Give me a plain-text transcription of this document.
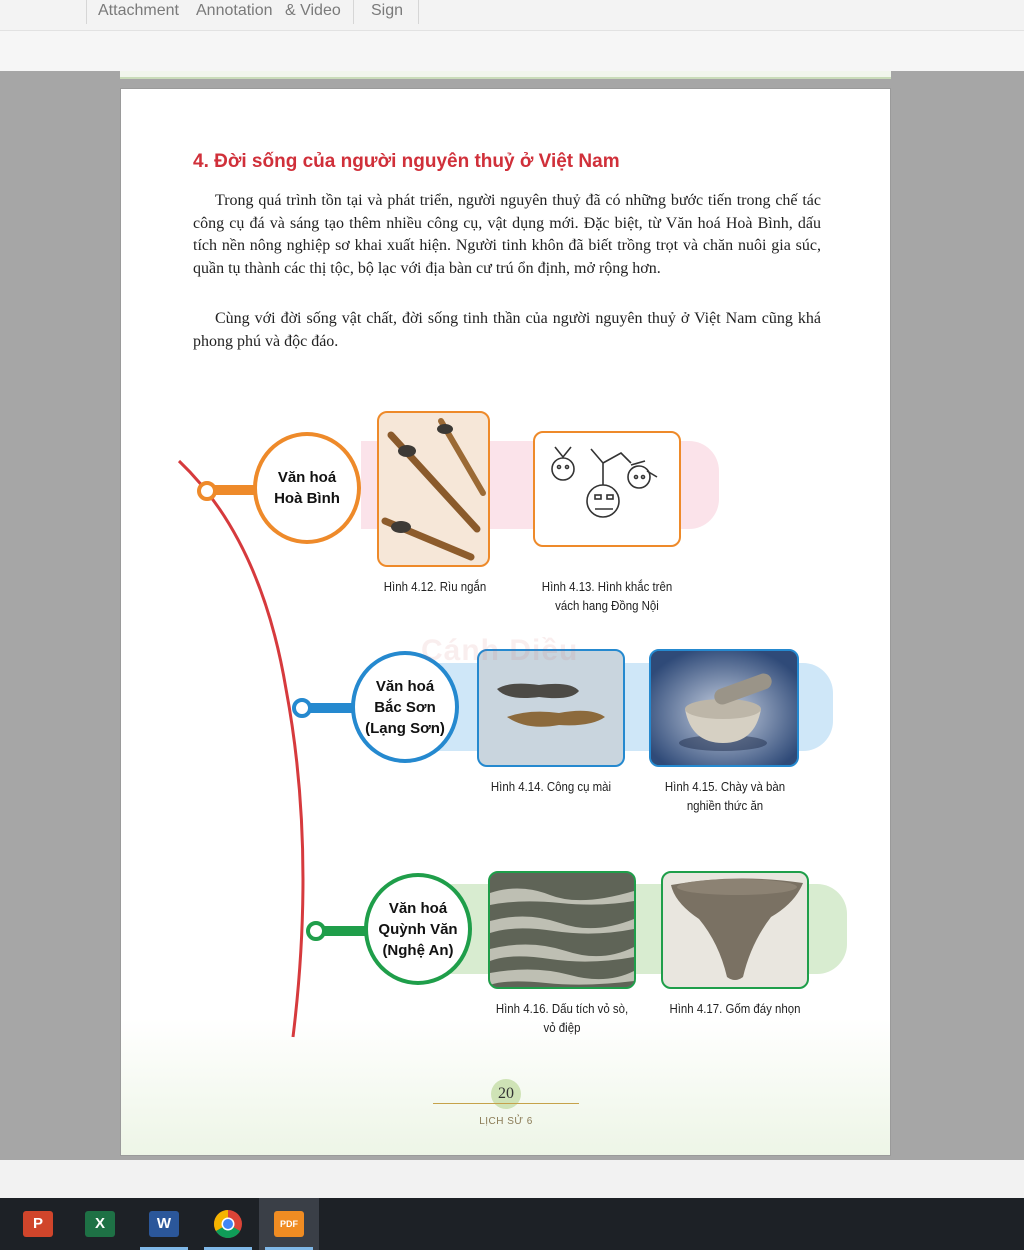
Attachment Annotation & Video Sign
4. Đời sống của người nguyên thuỷ ở Việt Nam
Trong quá trình tồn tại và phát triển, người nguyên thuỷ đã có những bước tiến trong chế tác công cụ đá và sáng tạo thêm nhiều công cụ, vật dụng mới. Đặc biệt, từ Văn hoá Hoà Bình, dấu tích nền nông nghiệp sơ khai xuất hiện. Người tinh khôn đã biết trồng trọt và chăn nuôi gia súc, quần tụ thành các thị tộc, bộ lạc với địa bàn cư trú ổn định, mở rộng hơn.
Cùng với đời sống vật chất, đời sống tinh thần của người nguyên thuỷ ở Việt Nam cũng khá phong phú và độc đáo.
Văn hoá
Hoà Bình
Hình 4.12. Rìu ngắn	Hình 4.13. Hình khắc trên
vách hang Đồng Nội
Văn hoá
Bắc Sơn
(Lạng Sơn)
Hình 4.14. Công cụ mài	Hình 4.15. Chày và bàn
nghiền thức ăn
Văn hoá
Quỳnh Văn
(Nghệ An)
Hình 4.16. Dấu tích vỏ sò,
vỏ điệp
Hình 4.17. Gốm đáy nhọn
Cánh Diều
20
LỊCH SỬ 6
P	X	W	PDF
